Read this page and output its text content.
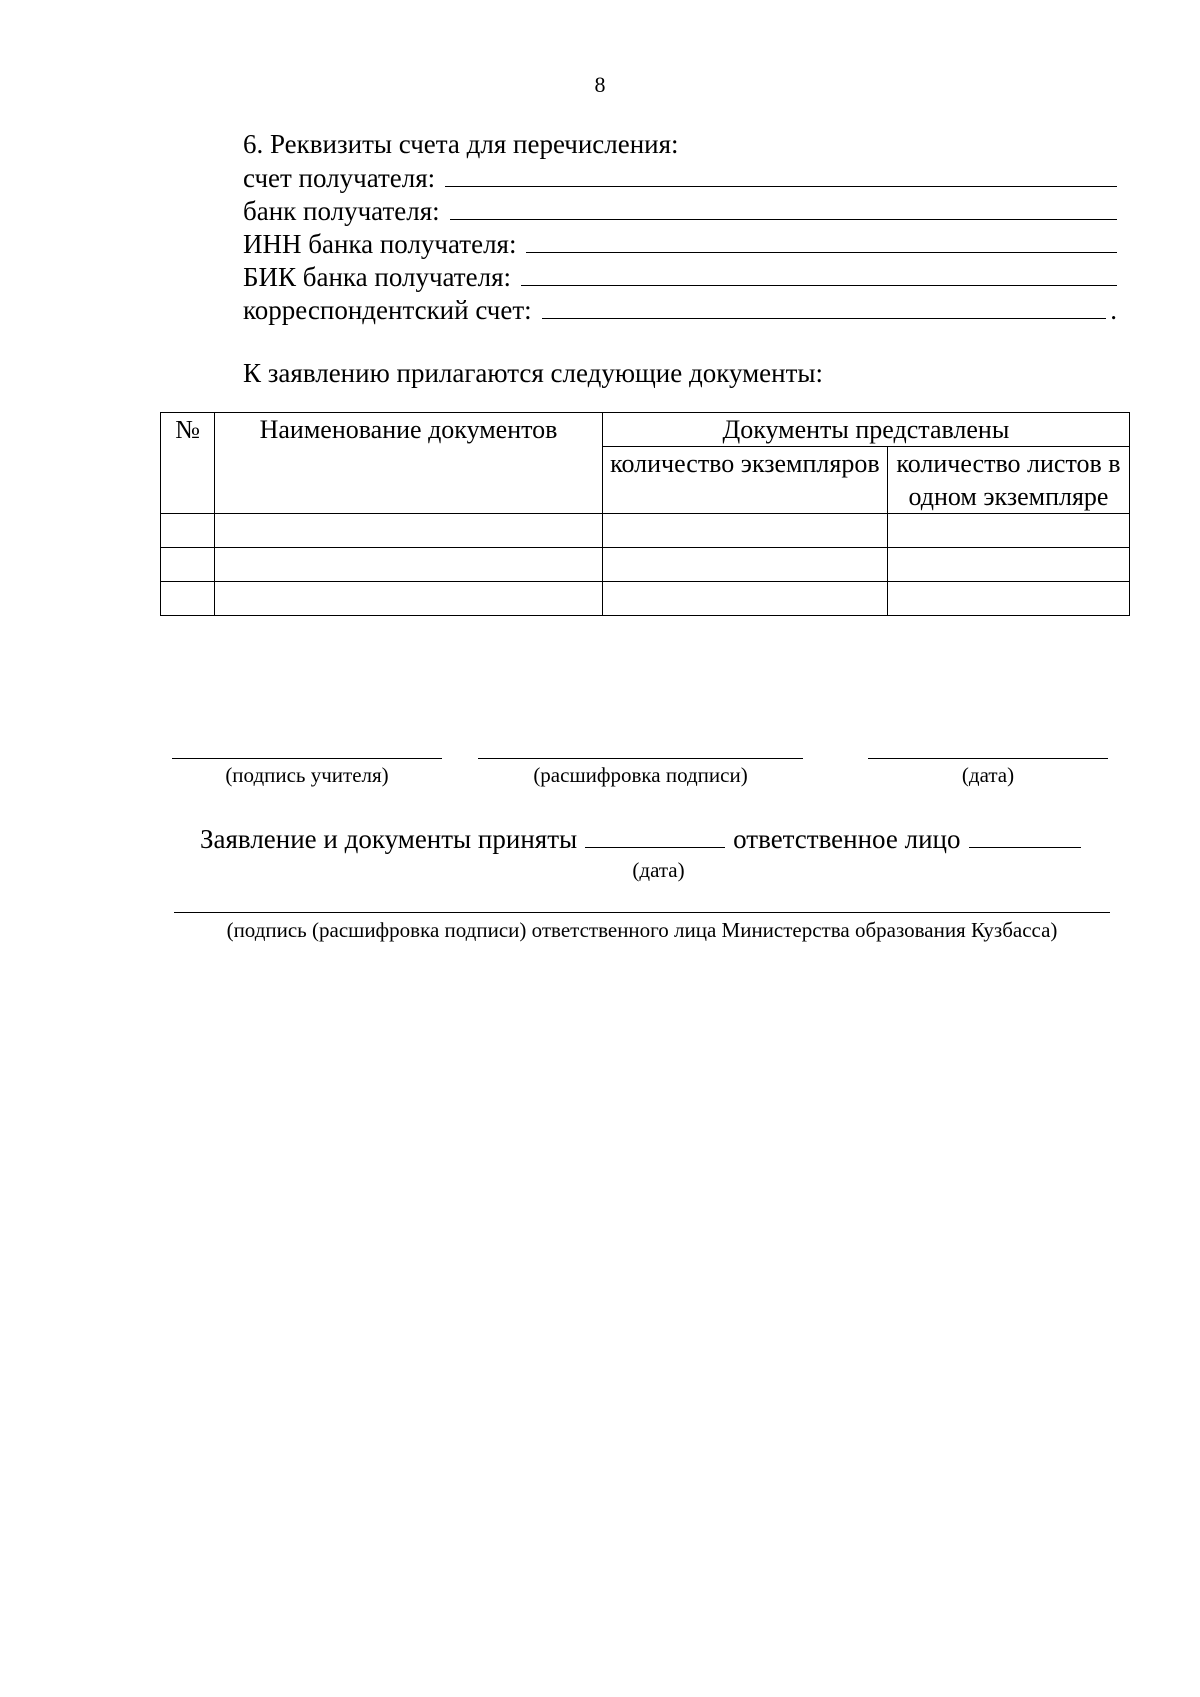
8
6. Реквизиты счета для перечисления:
счет получателя:
банк получателя:
ИНН банка получателя:
БИК банка получателя:
корреспондентский счет:	.
К заявлению прилагаются следующие документы:
№	Наименование документов	Документы представлены	
		количество экземпляров	количество листов в одном экземпляре

(подпись учителя)	(расшифровка подписи)	(дата)
Заявление и документы приняты	ответственное лицо
(дата)
(подпись (расшифровка подписи) ответственного лица Министерства образования Кузбасса)
